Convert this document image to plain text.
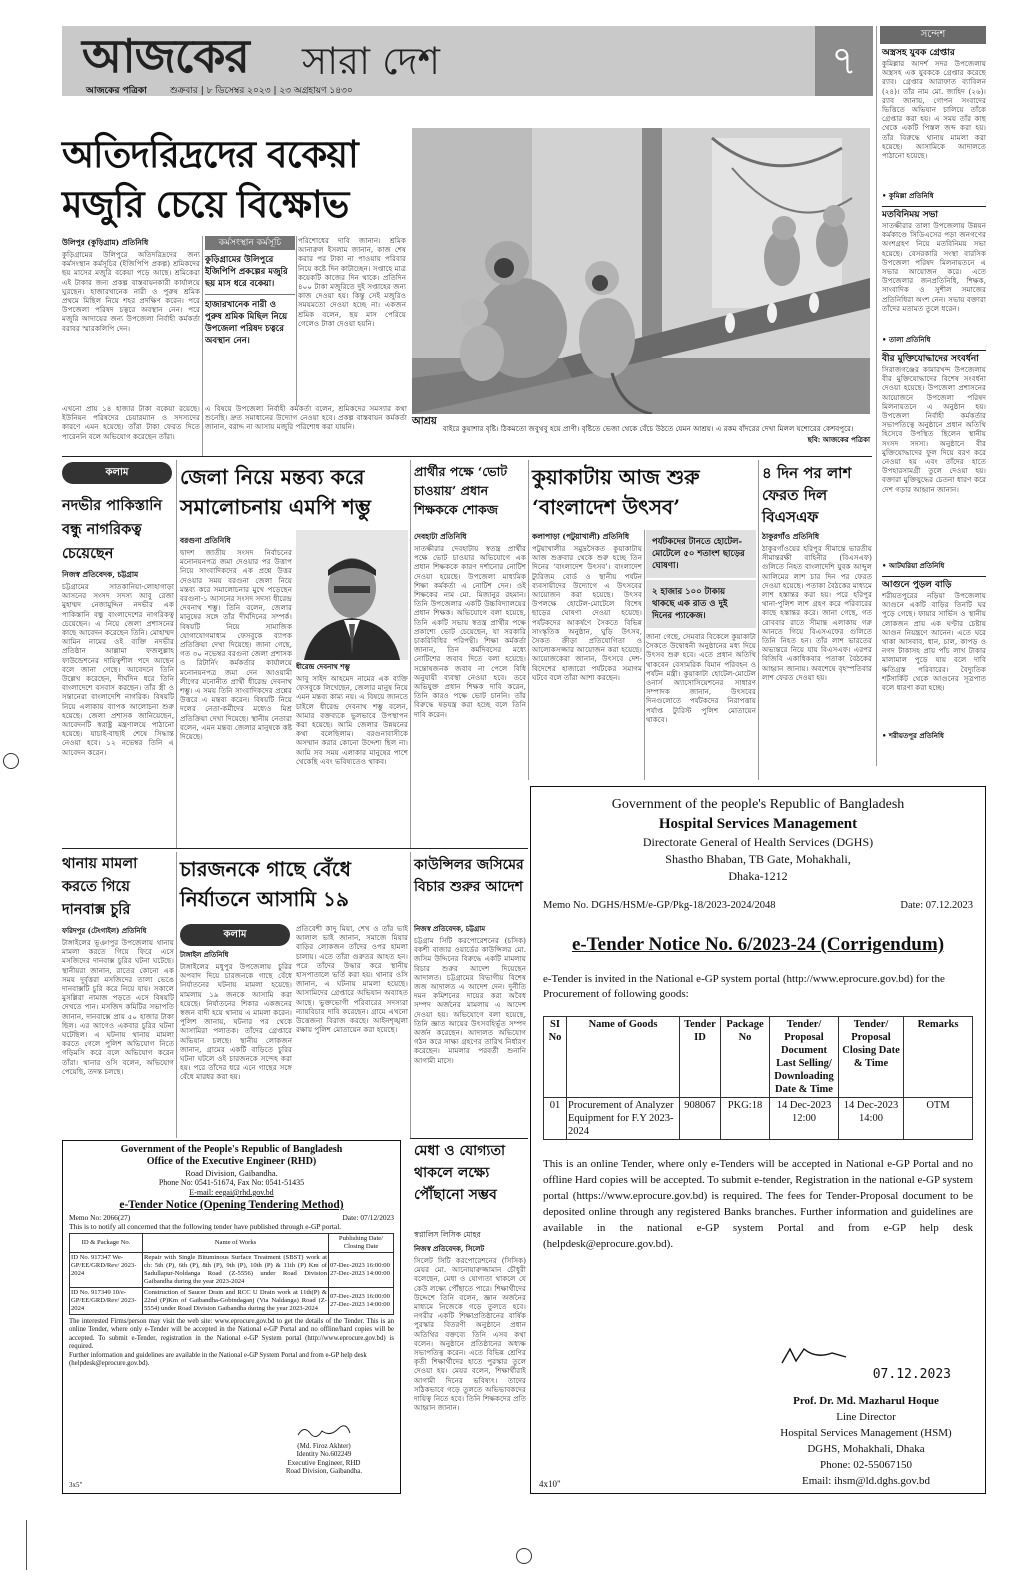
আজকের সারা দেশ
আজকের পত্রিকা	শুক্রবার | ৮ ডিসেম্বর ২০২৩ | ২৩ অগ্রহায়ণ ১৪৩০
৭
সন্দেশ
অস্ত্রসহ যুবক গ্রেপ্তার
কুমিল্লার আদর্শ সদর উপজেলায় অস্ত্রসহ এক যুবককে গ্রেপ্তার করেছে র‍্যাব। গ্রেপ্তার আরাফাত ব্যাবিলন (২৪)। তাঁর নাম মো. জাহিদ (২৬)। র‍্যাব জানায়, গোপন সংবাদের ভিত্তিতে অভিযান চালিয়ে তাঁকে গ্রেপ্তার করা হয়। এ সময় তাঁর কাছ থেকে একটি পিস্তল জব্দ করা হয়। তাঁর বিরুদ্ধে থানায় মামলা করা হয়েছে। আসামিকে আদালতে পাঠানো হয়েছে।
• কুমিল্লা প্রতিনিধি
মতবিনিময় সভা
সাতক্ষীরার তালা উপজেলায় উন্নয়ন কর্মকাণ্ডে সিডিএসের পড়া জনগণের অংশগ্রহণ নিয়ে মতবিনিময় সভা হয়েছে। বেসরকারি সংস্থা বারসিক উপজেলা পরিষদ মিলনায়তনে এ সভার আয়োজন করে। এতে উপজেলার জনপ্রতিনিধি, শিক্ষক, সাংবাদিক ও সুশীল সমাজের প্রতিনিধিরা অংশ নেন। সভায় বক্তারা তাঁদের মতামত তুলে ধরেন।
• তালা প্রতিনিধি
বীর মুক্তিযোদ্ধাদের সংবর্ধনা
সিরাজগঞ্জের কামারখন্দ উপজেলায় বীর মুক্তিযোদ্ধাদের বিশেষ সংবর্ধনা দেওয়া হয়েছে। উপজেলা প্রশাসনের আয়োজনে উপজেলা পরিষদ মিলনায়তনে এ অনুষ্ঠান হয়। উপজেলা নির্বাহী কর্মকর্তার সভাপতিত্বে অনুষ্ঠানে প্রধান অতিথি হিসেবে উপস্থিত ছিলেন স্থানীয় সংসদ সদস্য। অনুষ্ঠানে বীর মুক্তিযোদ্ধাদের ফুল দিয়ে বরণ করে নেওয়া হয় এবং তাঁদের হাতে উপহারসামগ্রী তুলে দেওয়া হয়। বক্তারা মুক্তিযুদ্ধের চেতনা ধারণ করে দেশ গড়ার আহ্বান জানান।
• আটঘরিয়া প্রতিনিধি
আগুনে পুড়ল বাড়ি
শরীয়তপুরের নড়িয়া উপজেলায় আগুনে একটি বাড়ির তিনটি ঘর পুড়ে গেছে। ফায়ার সার্ভিস ও স্থানীয় লোকজন প্রায় এক ঘণ্টার চেষ্টায় আগুন নিয়ন্ত্রণে আনেন। এতে ঘরে থাকা আসবাব, ধান, চাল, কাপড় ও নগদ টাকাসহ প্রায় পাঁচ লাখ টাকার মালামাল পুড়ে যায় বলে দাবি ক্ষতিগ্রস্ত পরিবারের। বৈদ্যুতিক শর্টসার্কিট থেকে আগুনের সূত্রপাত বলে ধারণা করা হচ্ছে।
• শরীয়তপুর প্রতিনিধি
অতিদরিদ্রদের বকেয়া মজুরি চেয়ে বিক্ষোভ
উলিপুর (কুড়িগ্রাম) প্রতিনিধি
কুড়িগ্রামের উলিপুরে অতিদরিদ্রদের জন্য কর্মসংস্থান কর্মসূচির (ইজিপিপি প্রকল্প) শ্রমিকদের ছয় মাসের মজুরি বকেয়া পড়ে আছে। শ্রমিকেরা এই টাকার জন্য প্রকল্প বাস্তবায়নকারী কার্যালয়ে ঘুরছেন। হাজারখানেক নারী ও পুরুষ শ্রমিক প্রথমে মিছিল নিয়ে শহর প্রদক্ষিণ করেন। পরে উপজেলা পরিষদ চত্বরে অবস্থান নেন। পরে মজুরি আদায়ের জন্য উপজেলা নির্বাহী কর্মকর্তা বরাবর স্মারকলিপি দেন।
কর্মসংস্থান কর্মসূচি
কুড়িগ্রামের উলিপুরে ইজিপিপি প্রকল্পের মজুরি ছয় মাস ধরে বকেয়া।
হাজারখানেক নারী ও পুরুষ শ্রমিক মিছিল নিয়ে উপজেলা পরিষদ চত্বরে অবস্থান নেন।
পরিশোধের দাবি জানান। শ্রমিক আনারুল ইসলাম জানান, কাজ শেষ করার পর টাকা না পাওয়ায় পরিবার নিয়ে কষ্টে দিন কাটাচ্ছেন। সপ্তাহে মাত্র কয়েকটি কাজের দিন থাকে। প্রতিদিন ৪০০ টাকা মজুরিতে দুই সপ্তাহের জন্য কাজ দেওয়া হয়। কিন্তু সেই মজুরিও সময়মতো দেওয়া হচ্ছে না। একজন শ্রমিক বলেন, ছয় মাস পেরিয়ে গেলেও টাকা দেওয়া হয়নি।
এ বিষয়ে উপজেলা নির্বাহী কর্মকর্তা বলেন, শ্রমিকদের সমস্যার কথা শুনেছি। দ্রুত সমাধানের উদ্যোগ নেওয়া হবে। প্রকল্প বাস্তবায়ন কর্মকর্তা জানান, বরাদ্দ না আসায় মজুরি পরিশোধ করা যায়নি।
এখনো প্রায় ১৪ হাজার টাকা বকেয়া রয়েছে। ইউনিয়ন পরিষদের চেয়ারম্যান ও সদস্যদের কারণে এমন হয়েছে। তাঁরা টাকা ফেরত দিতে পারেননি বলে অভিযোগ করেছেন তাঁরা।
আশ্রয়
বাইরে কুয়াশার বৃষ্টি। ঠিকমতো জবুথবু হয়ে প্রাণী। বৃষ্টিতে ভেজা থেকে বেঁচে উঠতে যেমন আশ্রয়। এ রকম বাঁদরের দেখা মিলল যশোরের কেশবপুরে।
ছবি: আজকের পত্রিকা
কলাম
নদভীর পাকিস্তানি বন্ধু নাগরিকত্ব চেয়েছেন
নিজস্ব প্রতিবেদক, চট্টগ্রাম
চট্টগ্রামের সাতকানিয়া-লোহাগাড়া আসনের সংসদ সদস্য আবু রেজা মুহাম্মদ নেজামুদ্দিন নদভীর এক পাকিস্তানি বন্ধু বাংলাদেশের নাগরিকত্ব চেয়েছেন। এ নিয়ে জেলা প্রশাসনের কাছে আবেদন করেছেন তিনি। মোহাম্মদ আমিন নামের ওই ব্যক্তি নদভীর প্রতিষ্ঠান আল্লামা ফজলুল্লাহ ফাউন্ডেশনের দায়িত্বশীল পদে আছেন বলে জানা গেছে। আবেদনে তিনি উল্লেখ করেছেন, দীর্ঘদিন ধরে তিনি বাংলাদেশে বসবাস করছেন। তাঁর স্ত্রী ও সন্তানেরা বাংলাদেশি নাগরিক। বিষয়টি নিয়ে এলাকায় ব্যাপক আলোচনা শুরু হয়েছে। জেলা প্রশাসক জানিয়েছেন, আবেদনটি স্বরাষ্ট্র মন্ত্রণালয়ে পাঠানো হয়েছে। যাচাই-বাছাই শেষে সিদ্ধান্ত নেওয়া হবে। ১২ নভেম্বর তিনি এ আবেদন করেন।
জেলা নিয়ে মন্তব্য করে সমালোচনায় এমপি শম্ভু
বরগুনা প্রতিনিধি
দ্বাদশ জাতীয় সংসদ নির্বাচনের মনোনয়নপত্র জমা দেওয়ার পর উত্তাপ নিয়ে সাংবাদিকদের এক প্রশ্নে উত্তর দেওয়ার সময় বরগুনা জেলা নিয়ে মন্তব্য করে সমালোচনার মুখে পড়েছেন বরগুনা-১ আসনের সংসদ সদস্য ধীরেন্দ্র দেবনাথ শম্ভু। তিনি বলেন, জেলার মানুষের সঙ্গে তাঁর দীর্ঘদিনের সম্পর্ক। বিষয়টি নিয়ে সামাজিক যোগাযোগমাধ্যম ফেসবুকে ব্যাপক প্রতিক্রিয়া দেখা দিয়েছে। জানা গেছে, গত ৩০ নভেম্বর বরগুনা জেলা প্রশাসক ও রিটার্নিং কর্মকর্তার কার্যালয়ে মনোনয়নপত্র জমা দেন আওয়ামী লীগের মনোনীত প্রার্থী ধীরেন্দ্র দেবনাথ শম্ভু। এ সময় তিনি সাংবাদিকদের প্রশ্নের উত্তরে এ মন্তব্য করেন। বিষয়টি নিয়ে দলের নেতা-কর্মীদের মধ্যেও মিশ্র প্রতিক্রিয়া দেখা দিয়েছে। স্থানীয় নেতারা বলেন, এমন মন্তব্য জেলার মানুষকে কষ্ট দিয়েছে।
ধীরেন্দ্র দেবনাথ শম্ভু
আবু সাইদ আহমেদ নামের এক ব্যক্তি ফেসবুকে লিখেছেন, জেলার মানুষ নিয়ে এমন মন্তব্য কাম্য নয়। এ বিষয়ে জানতে চাইলে ধীরেন্দ্র দেবনাথ শম্ভু বলেন, আমার বক্তব্যকে ভুলভাবে উপস্থাপন করা হয়েছে। আমি জেলার উন্নয়নের কথা বলেছিলাম। বরগুনাবাসীকে অসম্মান করার কোনো উদ্দেশ্য ছিল না। আমি সব সময় এলাকার মানুষের পাশে থেকেছি এবং ভবিষ্যতেও থাকব।
প্রার্থীর পক্ষে ‘ভোট চাওয়ায়’ প্রধান শিক্ষককে শোকজ
দেবহাটা প্রতিনিধি
সাতক্ষীরার দেবহাটায় স্বতন্ত্র প্রার্থীর পক্ষে ভোট চাওয়ার অভিযোগে এক প্রধান শিক্ষককে কারণ দর্শানোর নোটিশ দেওয়া হয়েছে। উপজেলা মাধ্যমিক শিক্ষা কর্মকর্তা এ নোটিশ দেন। ওই শিক্ষকের নাম মো. মিজানুর রহমান। তিনি উপজেলার একটি উচ্চবিদ্যালয়ের প্রধান শিক্ষক। অভিযোগে বলা হয়েছে, তিনি একটি সভায় স্বতন্ত্র প্রার্থীর পক্ষে প্রকাশ্যে ভোট চেয়েছেন, যা সরকারি চাকরিবিধির পরিপন্থী। শিক্ষা কর্মকর্তা জানান, তিন কর্মদিবসের মধ্যে নোটিশের জবাব দিতে বলা হয়েছে। সন্তোষজনক জবাব না পেলে বিধি অনুযায়ী ব্যবস্থা নেওয়া হবে। তবে অভিযুক্ত প্রধান শিক্ষক দাবি করেন, তিনি কারও পক্ষে ভোট চাননি। তাঁর বিরুদ্ধে ষড়যন্ত্র করা হচ্ছে বলে তিনি দাবি করেন।
কুয়াকাটায় আজ শুরু ‘বাংলাদেশ উৎসব’
কলাপাড়া (পটুয়াখালী) প্রতিনিধি
পটুয়াখালীর সমুদ্রসৈকত কুয়াকাটায় আজ শুক্রবার থেকে শুরু হচ্ছে তিন দিনের ‘বাংলাদেশ উৎসব’। বাংলাদেশ ট্যুরিজম বোর্ড ও স্থানীয় পর্যটন ব্যবসায়ীদের উদ্যোগে এ উৎসবের আয়োজন করা হয়েছে। উৎসব উপলক্ষে হোটেল-মোটেলে বিশেষ ছাড়ের ঘোষণা দেওয়া হয়েছে। পর্যটকদের আকর্ষণে সৈকতে বিভিন্ন সাংস্কৃতিক অনুষ্ঠান, ঘুড়ি উৎসব, সৈকত ক্রীড়া প্রতিযোগিতা ও আলোকসজ্জার আয়োজন করা হয়েছে। আয়োজকেরা জানান, উৎসবে দেশ-বিদেশের হাজারো পর্যটকের সমাগম ঘটবে বলে তাঁরা আশা করছেন।
পর্যটকদের টানতে হোটেল-মোটেলে ৫০ শতাংশ ছাড়ের ঘোষণা।
২ হাজার ১০০ টাকায় থাকছে এক রাত ও দুই দিনের প্যাকেজ।
জানা গেছে, সেমবার বিকেলে কুয়াকাটা সৈকতে উদ্বোধনী অনুষ্ঠানের মধ্য দিয়ে উৎসব শুরু হবে। এতে প্রধান অতিথি থাকবেন বেসামরিক বিমান পরিবহন ও পর্যটন মন্ত্রী। কুয়াকাটা হোটেল-মোটেল ওনার্স অ্যাসোসিয়েশনের সাধারণ সম্পাদক জানান, উৎসবের দিনগুলোতে পর্যটকদের নিরাপত্তায় পর্যাপ্ত ট্যুরিস্ট পুলিশ মোতায়েন থাকবে।
৪ দিন পর লাশ ফেরত দিল বিএসএফ
ঠাকুরগাঁও প্রতিনিধি
ঠাকুরগাঁওয়ের হরিপুর সীমান্তে ভারতীয় সীমান্তরক্ষী বাহিনীর (বিএসএফ) গুলিতে নিহত বাংলাদেশি যুবক আব্দুল আলিমের লাশ চার দিন পর ফেরত দেওয়া হয়েছে। পতাকা বৈঠকের মাধ্যমে লাশ হস্তান্তর করা হয়। পরে হরিপুর থানা-পুলিশ লাশ গ্রহণ করে পরিবারের কাছে হস্তান্তর করে। জানা গেছে, গত রোববার রাতে সীমান্ত এলাকায় গরু আনতে গিয়ে বিএসএফের গুলিতে তিনি নিহত হন। তাঁর লাশ ভারতের অভ্যন্তরে নিয়ে যায় বিএসএফ। এরপর বিজিবি একাধিকবার পতাকা বৈঠকের আহ্বান জানায়। অবশেষে বৃহস্পতিবার লাশ ফেরত দেওয়া হয়।
থানায় মামলা করতে গিয়ে দানবাক্স চুরি
ফরিদপুর (টেংগাইল) প্রতিনিধি
টাঙ্গাইলের ভূঞাপুর উপজেলায় থানায় মামলা করতে গিয়ে ফিরে এসে মসজিদের দানবাক্স চুরির ঘটনা ঘটেছে। স্থানীয়রা জানান, রাতের কোনো এক সময় দুর্বৃত্তরা মসজিদের তালা ভেঙে দানবাক্সটি চুরি করে নিয়ে যায়। সকালে মুসল্লিরা নামাজ পড়তে এসে বিষয়টি দেখতে পান। মসজিদ কমিটির সভাপতি জানান, দানবাক্সে প্রায় ৫০ হাজার টাকা ছিল। এর আগেও একবার চুরির ঘটনা ঘটেছিল। এ ঘটনায় থানায় মামলা করতে গেলে পুলিশ অভিযোগ নিতে গড়িমসি করে বলে অভিযোগ করেন তাঁরা। থানার ওসি বলেন, অভিযোগ পেয়েছি, তদন্ত চলছে।
চারজনকে গাছে বেঁধে নির্যাতনে আসামি ১৯
কলাম
টাঙ্গাইল প্রতিনিধি
টাঙ্গাইলের মধুপুর উপজেলায় চুরির অপবাদ দিয়ে চারজনকে গাছে বেঁধে নির্যাতনের ঘটনায় মামলা হয়েছে। মামলায় ১৯ জনকে আসামি করা হয়েছে। নির্যাতনের শিকার একজনের স্বজন বাদী হয়ে থানায় এ মামলা করেন। পুলিশ জানায়, ঘটনার পর থেকে আসামিরা পলাতক। তাঁদের গ্রেপ্তারে অভিযান চলছে। স্থানীয় লোকজন জানান, গ্রামের একটি বাড়িতে চুরির ঘটনা ঘটলে ওই চারজনকে সন্দেহ করা হয়। পরে তাঁদের ধরে এনে গাছের সঙ্গে বেঁধে মারধর করা হয়।
প্রতিবেশী কাদু মিয়া, শেখ ও তাঁর ভাই আলাল ভাই জানান, সমাজে মিয়ার বাড়ির লোকজন তাঁদের ওপর হামলা চালায়। এতে তাঁরা গুরুতর আহত হন। পরে তাঁদের উদ্ধার করে স্থানীয় হাসপাতালে ভর্তি করা হয়। থানার ওসি জানান, এ ঘটনায় মামলা হয়েছে। আসামিদের গ্রেপ্তারে অভিযান অব্যাহত আছে। ভুক্তভোগী পরিবারের সদস্যরা ন্যায়বিচার দাবি করেছেন। গ্রামে এখনো উত্তেজনা বিরাজ করছে। আইনশৃঙ্খলা রক্ষায় পুলিশ মোতায়েন করা হয়েছে।
কাউন্সিলর জসিমের বিচার শুরুর আদেশ
নিজস্ব প্রতিবেদক, চট্টগ্রাম
চট্টগ্রাম সিটি করপোরেশনের (চসিক) বকশী বাজার ওয়ার্ডের কাউন্সিলর মো. জসিম উদ্দিনের বিরুদ্ধে একটি মামলায় বিচার শুরুর আদেশ দিয়েছেন আদালত। চট্টগ্রামের বিভাগীয় বিশেষ জজ আদালত এ আদেশ দেন। দুর্নীতি দমন কমিশনের দায়ের করা অবৈধ সম্পদ অর্জনের মামলায় এ আদেশ দেওয়া হয়। অভিযোগে বলা হয়েছে, তিনি জ্ঞাত আয়ের উৎসবহির্ভূত সম্পদ অর্জন করেছেন। আদালত অভিযোগ গঠন করে সাক্ষ্য গ্রহণের তারিখ নির্ধারণ করেছেন। মামলার পরবর্তী শুনানি আগামী মাসে।
মেধা ও যোগ্যতা থাকলে লক্ষ্যে পৌঁছানো সম্ভব
স্বপ্নালিস লিসিক মোহর
নিজস্ব প্রতিবেদক, সিলেট
সিলেট সিটি করপোরেশনের (সিসিক) মেয়র মো. আনোয়ারুজ্জামান চৌধুরী বলেছেন, মেধা ও যোগ্যতা থাকলে যে কেউ লক্ষ্যে পৌঁছাতে পারে। শিক্ষার্থীদের উদ্দেশে তিনি বলেন, জ্ঞান অর্জনের মাধ্যমে নিজেকে গড়ে তুলতে হবে। নগরীর একটি শিক্ষাপ্রতিষ্ঠানের বার্ষিক পুরস্কার বিতরণী অনুষ্ঠানে প্রধান অতিথির বক্তব্যে তিনি এসব কথা বলেন। অনুষ্ঠানে প্রতিষ্ঠানের অধ্যক্ষ সভাপতিত্ব করেন। এতে বিভিন্ন শ্রেণির কৃতী শিক্ষার্থীদের হাতে পুরস্কার তুলে দেওয়া হয়। মেয়র বলেন, শিক্ষার্থীরাই আগামী দিনের ভবিষ্যৎ। তাদের সঠিকভাবে গড়ে তুলতে অভিভাবকদের দায়িত্ব নিতে হবে। তিনি শিক্ষকদের প্রতি আহ্বান জানান।
Government of the People's Republic of Bangladesh
Office of the Executive Engineer (RHD)
Road Division, Gaibandha.
Phone No: 0541-51674, Fax No: 0541-51435
E-mail: eegai@rhd.gov.bd
e-Tender Notice (Opening Tendering Method)
Memo No: 2066(27)	Date: 07/12/2023
This is to notify all concerned that the following tender have published through e-GP portal.
ID & Package No.	Name of Works	Publishing Date/ Closing Date
ID No. 917347 We-GP/EE/GRD/Rev/ 2023-2024	Repair with Single Bituminous Surface Treatment (SBST) work at ch: 5th (P), 6th (P), 8th (P), 9th (P), 10th (P) & 11th (P) Km of Sadullapur-Noldanga Road (Z-5556) under Road Division Gaibandha during the year 2023-2024	07-Dec-2023 16:00:00 27-Dec-2023 14:00:00
ID No. 917349 10/e-GP/EE/GRD/Rev/ 2023-2024	Construction of Saucer Drain and RCC U Drain work at 11th(P) & 22nd (P)Km of Gaibandha-Gobindaganj (Via Naldanga) Road (Z-5554) under Road Division Gaibandha during the year 2023-2024	07-Dec-2023 16:00:00 27-Dec-2023 14:00:00
The interested Firms/person may visit the web site: www.eprocure.gov.bd to get the details of the Tender. This is an online Tender, where only e-Tender will be accepted in the National e-GP Portal and no offline/hard copies will be accepted. To submit e-Tender, registration in the National e-GP System portal (http://www.eprocure.gov.bd) is required.
Further information and guidelines are available in the National e-GP System Portal and from e-GP help desk (helpdesk@eprocure.gov.bd).
(Md. Firoz Akhter)
Identity No.602249
Executive Engineer, RHD
Road Division, Gaibandha.
3x5"
Government of the people's Republic of Bangladesh
Hospital Services Management
Directorate General of Health Services (DGHS)
Shastho Bhaban, TB Gate, Mohakhali,
Dhaka-1212
Memo No. DGHS/HSM/e-GP/Pkg-18/2023-2024/2048	Date: 07.12.2023
e-Tender Notice No. 6/2023-24 (Corrigendum)
e-Tender is invited in the National e-GP system portal (http://www.eprocure.gov.bd) for the Procurement of following goods:
SI No	Name of Goods	Tender ID	Package No	Tender/ Proposal Document Last Selling/ Downloading Date & Time	Tender/ Proposal Closing Date & Time	Remarks
01	Procurement of Analyzer Equipment for F.Y 2023-2024	908067	PKG:18	14 Dec-2023 12:00	14 Dec-2023 14:00	OTM
This is an online Tender, where only e-Tenders will be accepted in National e-GP Portal and no offline Hard copies will be accepted. To submit e-tender, Registration in the national e-GP system portal (https://www.eprocure.gov.bd) is required. The fees for Tender-Proposal document to be deposited online through any registered Banks branches. Further information and guidelines are available in the national e-GP system Portal and from e-GP help desk (helpdesk@eprocure.gov.bd).
07.12.2023
Prof. Dr. Md. Mazharul Hoque
Line Director
Hospital Services Management (HSM)
DGHS, Mohakhali, Dhaka
Phone: 02-55067150
Email: ihsm@ld.dghs.gov.bd
4x10"
